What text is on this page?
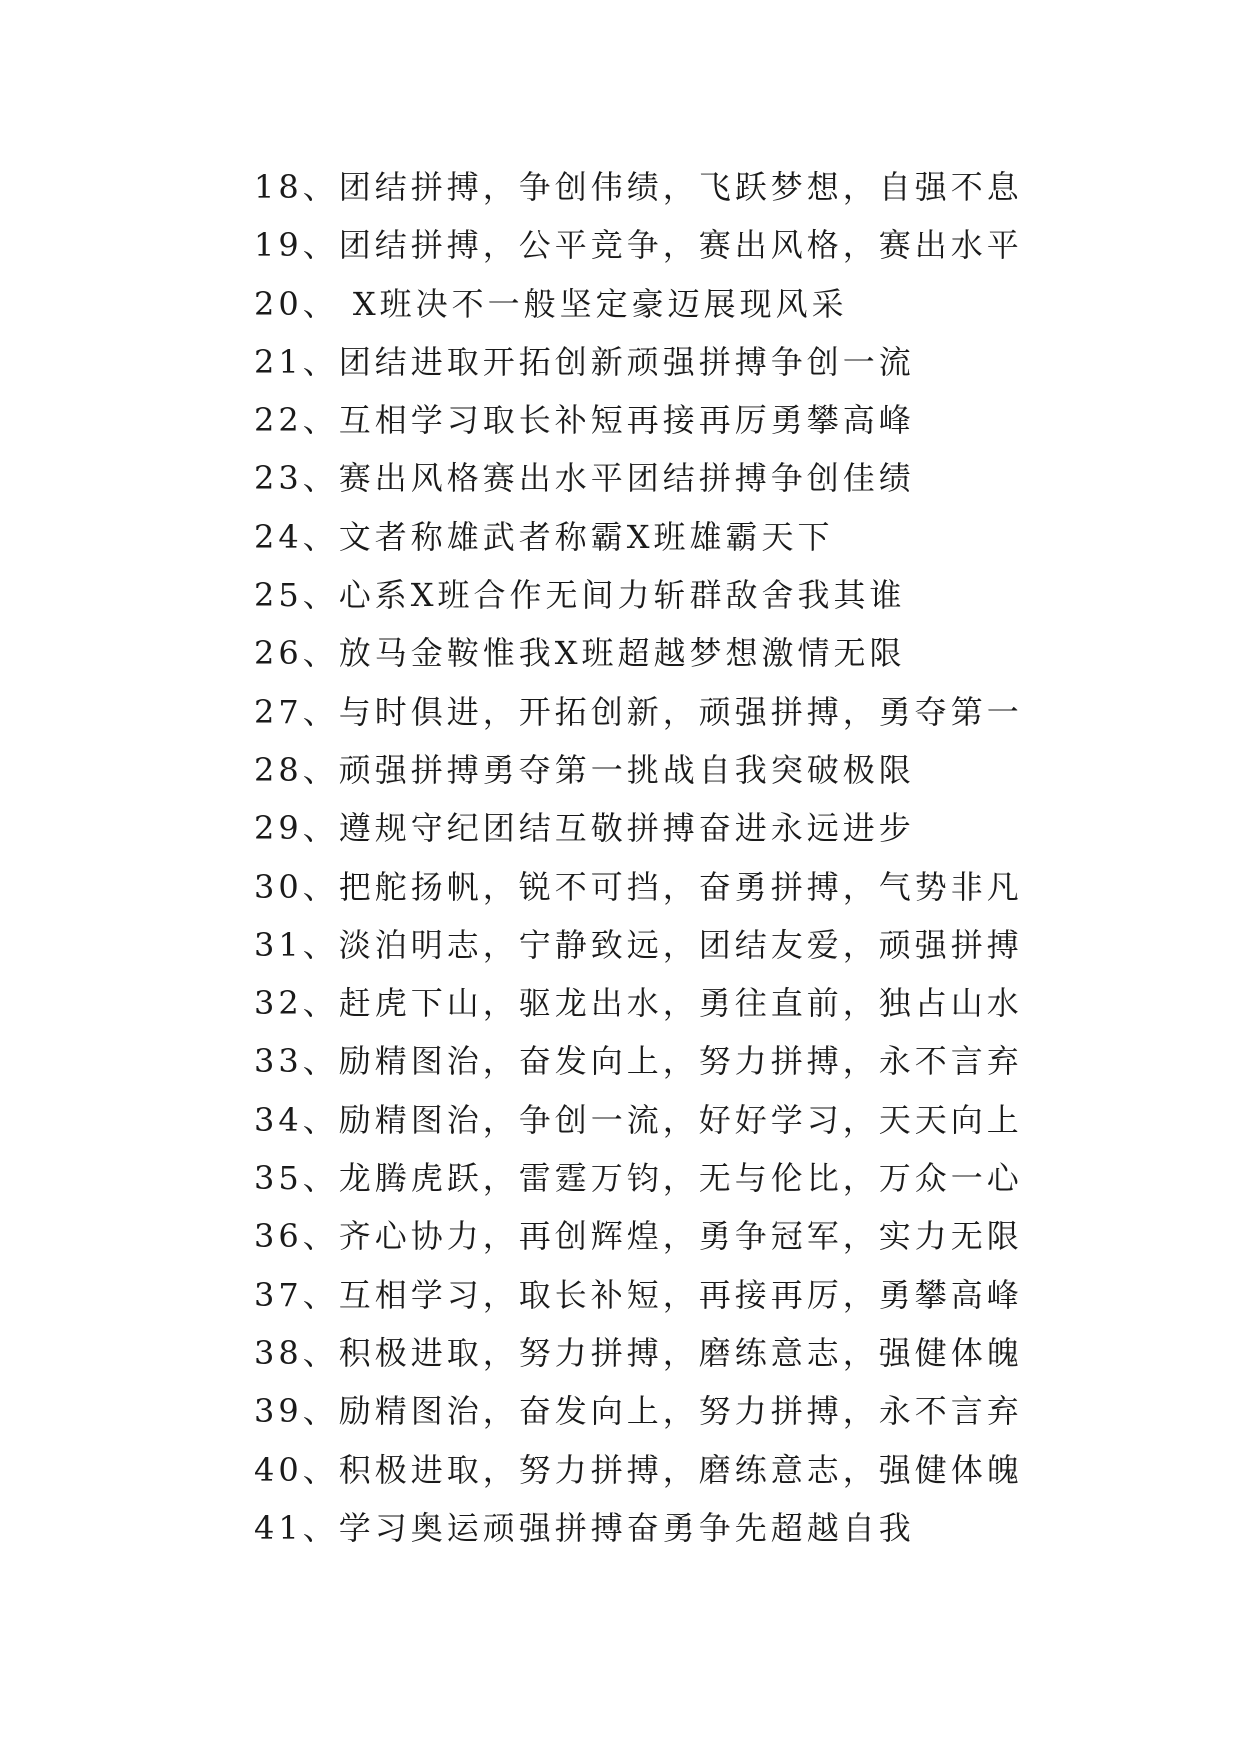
18、团结拼搏，争创伟绩，飞跃梦想，自强不息
19、团结拼搏，公平竞争，赛出风格，赛出水平
20、 X班决不一般坚定豪迈展现风采
21、团结进取开拓创新顽强拼搏争创一流
22、互相学习取长补短再接再厉勇攀高峰
23、赛出风格赛出水平团结拼搏争创佳绩
24、文者称雄武者称霸X班雄霸天下
25、心系X班合作无间力斩群敌舍我其谁
26、放马金鞍惟我X班超越梦想激情无限
27、与时俱进，开拓创新，顽强拼搏，勇夺第一
28、顽强拼搏勇夺第一挑战自我突破极限
29、遵规守纪团结互敬拼搏奋进永远进步
30、把舵扬帆，锐不可挡，奋勇拼搏，气势非凡
31、淡泊明志，宁静致远，团结友爱，顽强拼搏
32、赶虎下山，驱龙出水，勇往直前，独占山水
33、励精图治，奋发向上，努力拼搏，永不言弃
34、励精图治，争创一流，好好学习，天天向上
35、龙腾虎跃，雷霆万钧，无与伦比，万众一心
36、齐心协力，再创辉煌，勇争冠军，实力无限
37、互相学习，取长补短，再接再厉，勇攀高峰
38、积极进取，努力拼搏，磨练意志，强健体魄
39、励精图治，奋发向上，努力拼搏，永不言弃
40、积极进取，努力拼搏，磨练意志，强健体魄
41、学习奥运顽强拼搏奋勇争先超越自我
